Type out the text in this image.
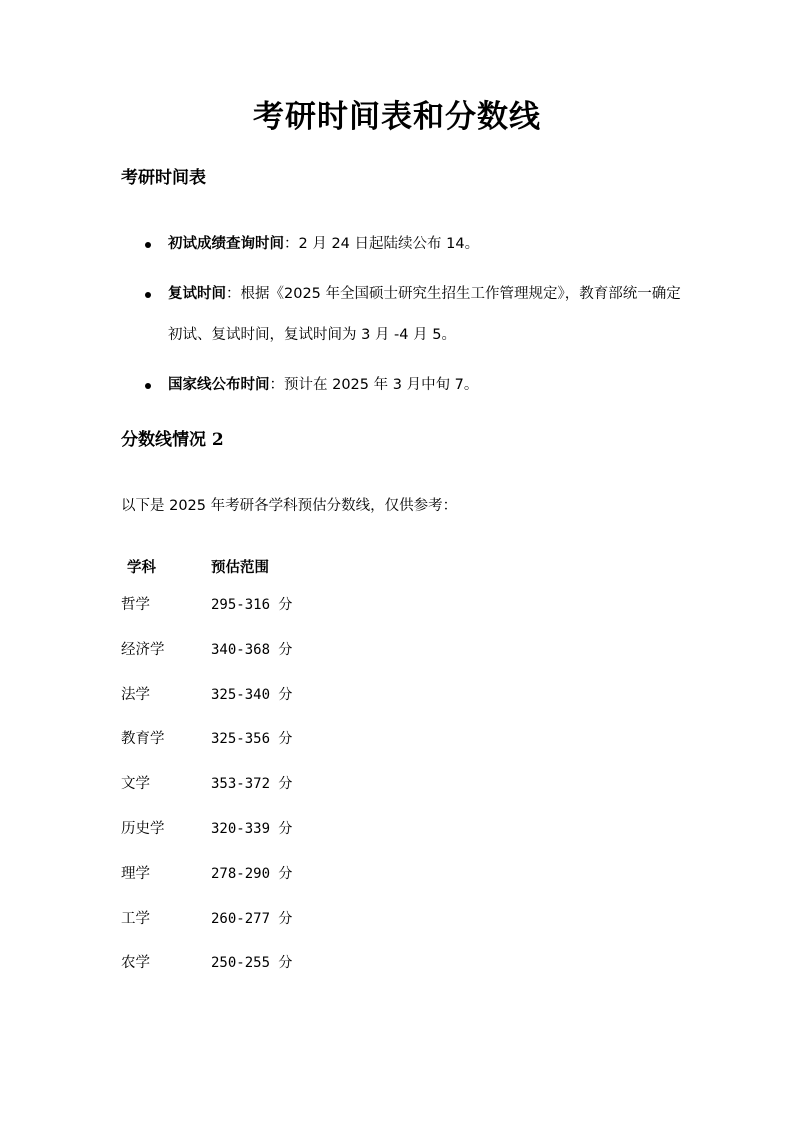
考研时间表和分数线
考研时间表
初试成绩查询时间：2 月 24 日起陆续公布 14。
复试时间：根据《2025 年全国硕士研究生招生工作管理规定》，教育部统一确定初试、复试时间，复试时间为 3 月 -4 月 5。
国家线公布时间：预计在 2025 年 3 月中旬 7。
分数线情况 2

以下是 2025 年考研各学科预估分数线，仅供参考：

学科	预估范围
哲学	295-316 分
经济学	340-368 分
法学	325-340 分
教育学	325-356 分
文学	353-372 分
历史学	320-339 分
理学	278-290 分
工学	260-277 分
农学	250-255 分
